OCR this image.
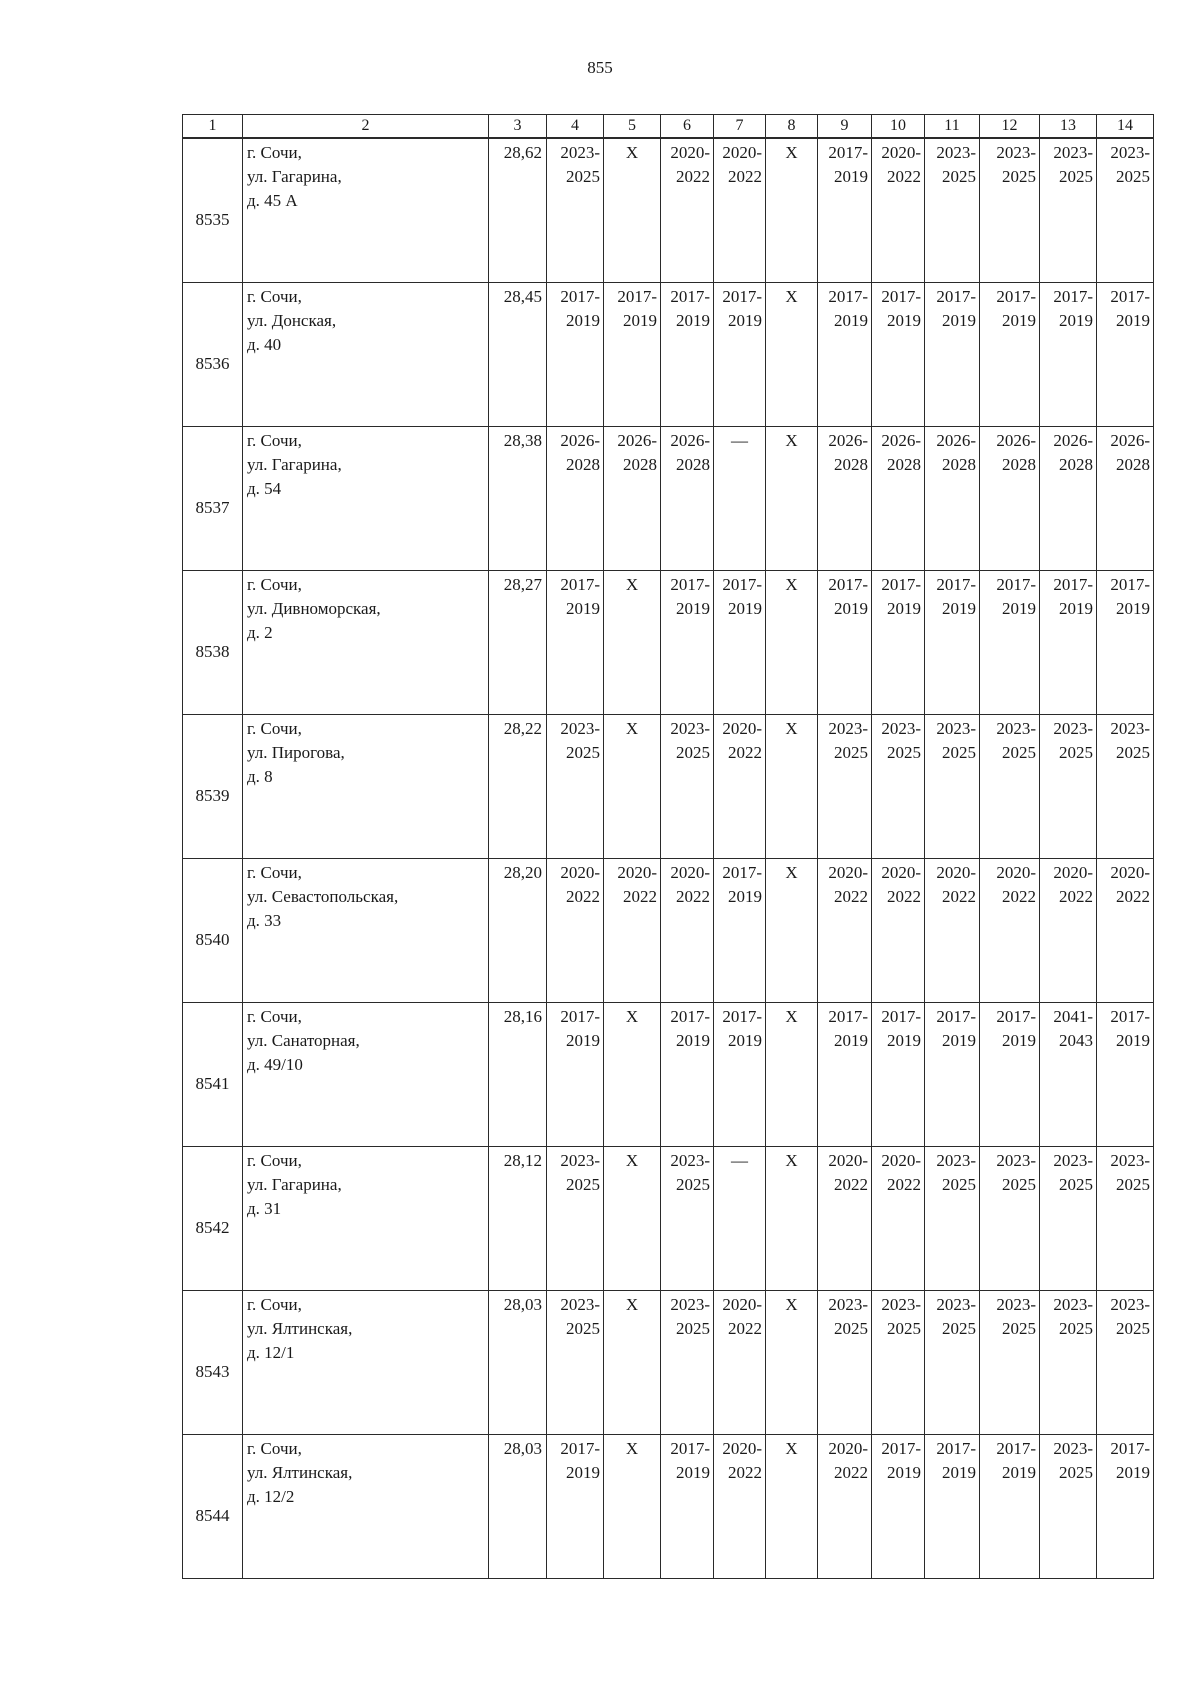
855
1	2	3	4	5	6	7	8	9	10	11	12	13	14
8535	г. Сочи,
ул. Гагарина,
д. 45 А	28,62	2023-
2025	X	2020-
2022	2020-
2022	X	2017-
2019	2020-
2022	2023-
2025	2023-
2025	2023-
2025	2023-
2025

8536	г. Сочи,
ул. Донская,
д. 40	28,45	2017-
2019	2017-
2019	2017-
2019	2017-
2019	X	2017-
2019	2017-
2019	2017-
2019	2017-
2019	2017-
2019	2017-
2019

8537	г. Сочи,
ул. Гагарина,
д. 54	28,38	2026-
2028	2026-
2028	2026-
2028	—	X	2026-
2028	2026-
2028	2026-
2028	2026-
2028	2026-
2028	2026-
2028

8538	г. Сочи,
ул. Дивноморская,
д. 2	28,27	2017-
2019	X	2017-
2019	2017-
2019	X	2017-
2019	2017-
2019	2017-
2019	2017-
2019	2017-
2019	2017-
2019

8539	г. Сочи,
ул. Пирогова,
д. 8	28,22	2023-
2025	X	2023-
2025	2020-
2022	X	2023-
2025	2023-
2025	2023-
2025	2023-
2025	2023-
2025	2023-
2025

8540	г. Сочи,
ул. Севастопольская,
д. 33	28,20	2020-
2022	2020-
2022	2020-
2022	2017-
2019	X	2020-
2022	2020-
2022	2020-
2022	2020-
2022	2020-
2022	2020-
2022

8541	г. Сочи,
ул. Санаторная,
д. 49/10	28,16	2017-
2019	X	2017-
2019	2017-
2019	X	2017-
2019	2017-
2019	2017-
2019	2017-
2019	2041-
2043	2017-
2019

8542	г. Сочи,
ул. Гагарина,
д. 31	28,12	2023-
2025	X	2023-
2025	—	X	2020-
2022	2020-
2022	2023-
2025	2023-
2025	2023-
2025	2023-
2025

8543	г. Сочи,
ул. Ялтинская,
д. 12/1	28,03	2023-
2025	X	2023-
2025	2020-
2022	X	2023-
2025	2023-
2025	2023-
2025	2023-
2025	2023-
2025	2023-
2025

8544	г. Сочи,
ул. Ялтинская,
д. 12/2	28,03	2017-
2019	X	2017-
2019	2020-
2022	X	2020-
2022	2017-
2019	2017-
2019	2017-
2019	2023-
2025	2017-
2019
